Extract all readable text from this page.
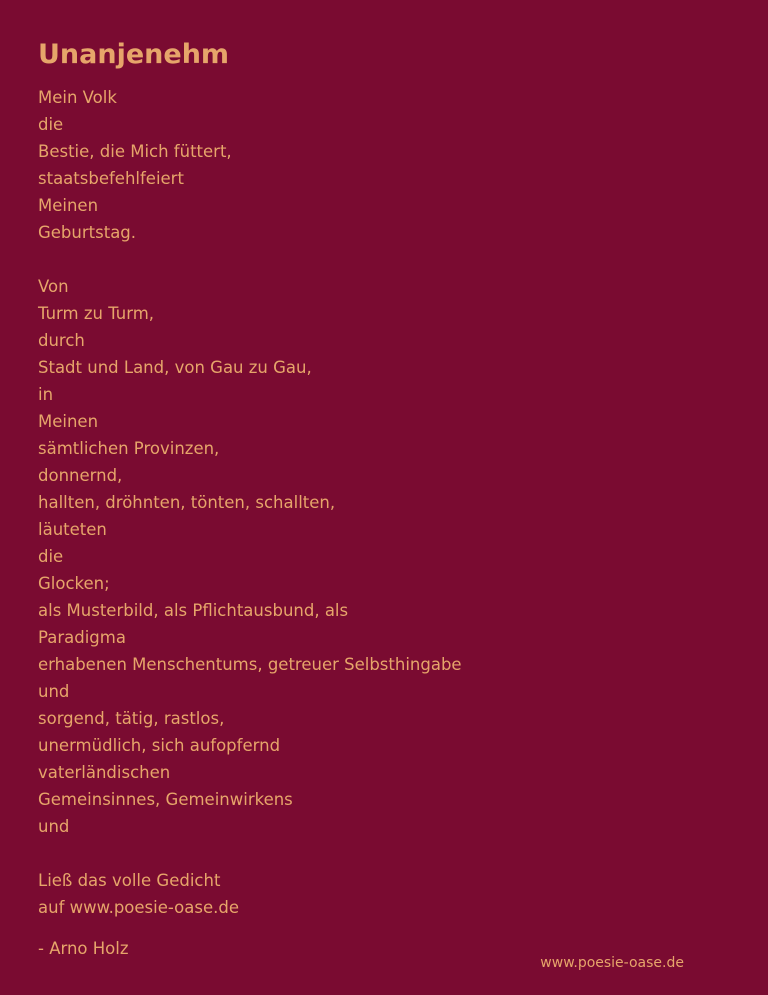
Unanjenehm
Mein Volk
die
Bestie, die Mich füttert,
staatsbefehlfeiert
Meinen
Geburtstag.
Von
Turm zu Turm,
durch
Stadt und Land, von Gau zu Gau,
in
Meinen
sämtlichen Provinzen,
donnernd,
hallten, dröhnten, tönten, schallten,
läuteten
die
Glocken;
als Musterbild, als Pflichtausbund, als
Paradigma
erhabenen Menschentums, getreuer Selbsthingabe
und
sorgend, tätig, rastlos,
unermüdlich, sich aufopfernd
vaterländischen
Gemeinsinnes, Gemeinwirkens
und
Ließ das volle Gedicht
auf www.poesie-oase.de
- Arno Holz
www.poesie-oase.de
